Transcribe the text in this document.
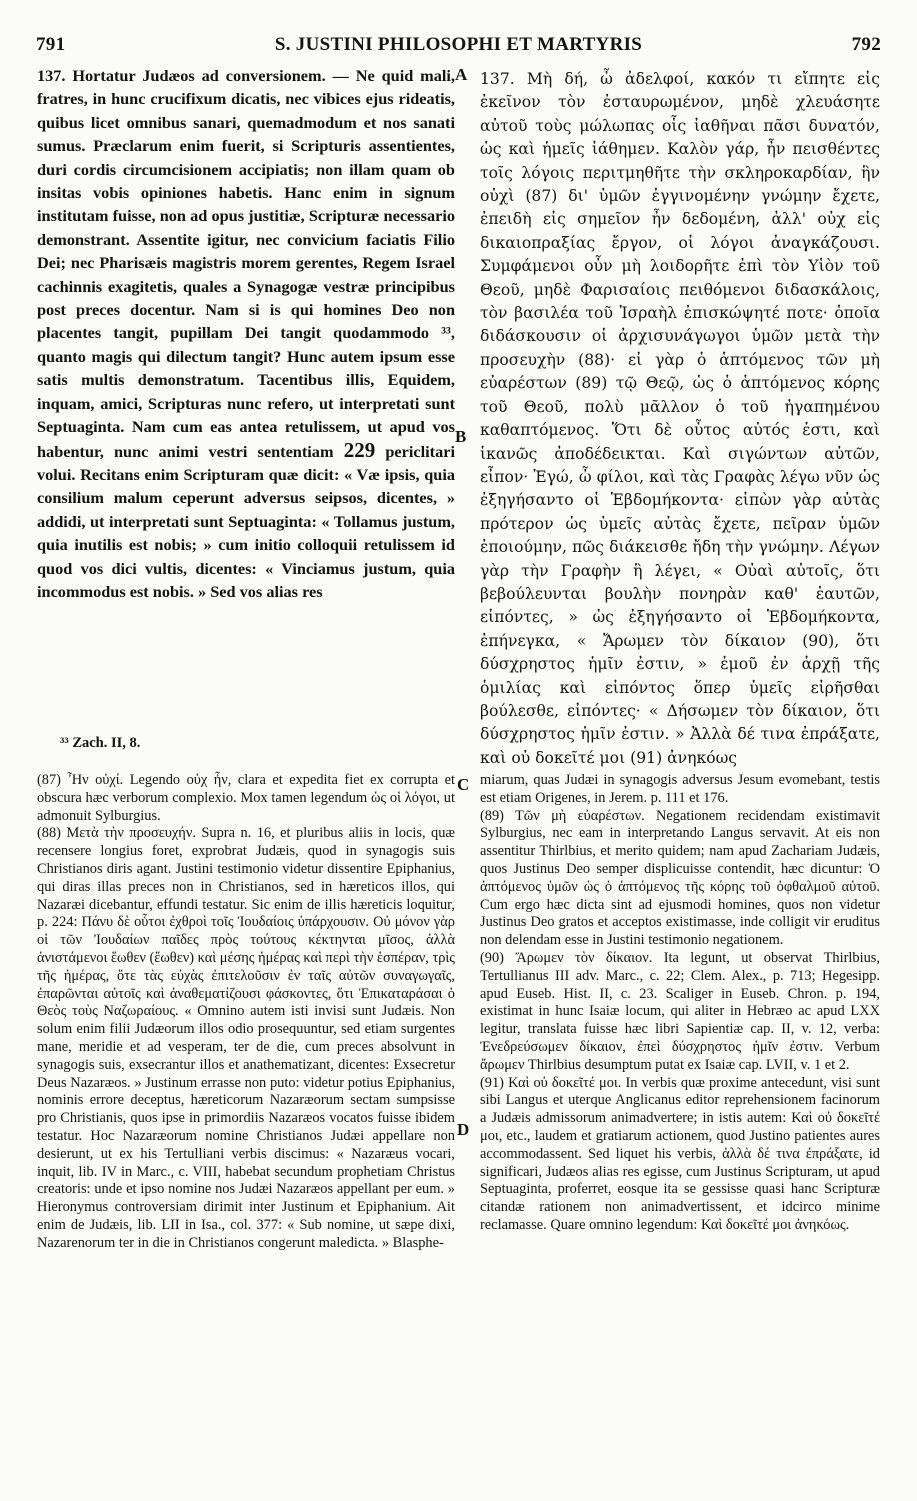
791	S. JUSTINI PHILOSOPHI ET MARTYRIS	792
A
B
C
D

137. Hortatur Judæos ad conversionem. — Ne quid mali, fratres, in hunc crucifixum dicatis, nec vibices ejus rideatis, quibus licet omnibus sanari, quemadmodum et nos sanati sumus. Præclarum enim fuerit, si Scripturis assentientes, duri cordis circumcisionem accipiatis; non illam quam ob insitas vobis opiniones habetis. Hanc enim in signum institutam fuisse, non ad opus justitiæ, Scripturæ necessario demonstrant. Assentite igitur, nec convicium faciatis Filio Dei; nec Pharisæis magistris morem gerentes, Regem Israel cachinnis exagitetis, quales a Synagogæ vestræ principibus post preces docentur. Nam si is qui homines Deo non placentes tangit, pupillam Dei tangit quodammodo ³³, quanto magis qui dilectum tangit? Hunc autem ipsum esse satis multis demonstratum. Tacentibus illis, Equidem, inquam, amici, Scripturas nunc refero, ut interpretati sunt Septuaginta. Nam cum eas antea retulissem, ut apud vos habentur, nunc animi vestri sententiam 229 periclitari volui. Recitans enim Scripturam quæ dicit: « Væ ipsis, quia consilium malum ceperunt adversus seipsos, dicentes, » addidi, ut interpretati sunt Septuaginta: « Tollamus justum, quia inutilis est nobis; » cum initio colloquii retulissem id quod vos dici vultis, dicentes: « Vinciamus justum, quia incommodus est nobis. » Sed vos alias res

137. Μὴ δή, ὦ ἀδελφοί, κακόν τι εἴπητε εἰς ἐκεῖνον τὸν ἐσταυρωμένον, μηδὲ χλευάσητε αὐτοῦ τοὺς μώλωπας οἷς ἰαθῆναι πᾶσι δυνατόν, ὡς καὶ ἡμεῖς ἰάθημεν. Καλὸν γάρ, ἦν πεισθέντες τοῖς λόγοις περιτμηθῆτε τὴν σκληροκαρδίαν, ἣν οὐχὶ (87) δι' ὑμῶν ἐγγινομένην γνώμην ἔχετε, ἐπειδὴ εἰς σημεῖον ἦν δεδομένη, ἀλλ' οὐχ εἰς δικαιοπραξίας ἔργον, οἱ λόγοι ἀναγκάζουσι. Συμφάμενοι οὖν μὴ λοιδορῆτε ἐπὶ τὸν Υἱὸν τοῦ Θεοῦ, μηδὲ Φαρισαίοις πειθόμενοι διδασκάλοις, τὸν βασιλέα τοῦ Ἰσραὴλ ἐπισκώψητέ ποτε· ὁποῖα διδάσκουσιν οἱ ἀρχισυνάγωγοι ὑμῶν μετὰ τὴν προσευχὴν (88)· εἰ γὰρ ὁ ἁπτόμενος τῶν μὴ εὐαρέστων (89) τῷ Θεῷ, ὡς ὁ ἁπτόμενος κόρης τοῦ Θεοῦ, πολὺ μᾶλλον ὁ τοῦ ἠγαπημένου καθαπτόμενος. Ὅτι δὲ οὗτος αὐτός ἐστι, καὶ ἱκανῶς ἀποδέδεικται. Καὶ σιγώντων αὐτῶν, εἶπον· Ἐγώ, ὦ φίλοι, καὶ τὰς Γραφὰς λέγω νῦν ὡς ἐξηγήσαντο οἱ Ἑβδομήκοντα· εἰπὼν γὰρ αὐτὰς πρότερον ὡς ὑμεῖς αὐτὰς ἔχετε, πεῖραν ὑμῶν ἐποιούμην, πῶς διάκεισθε ἤδη τὴν γνώμην. Λέγων γὰρ τὴν Γραφὴν ἣ λέγει, « Οὐαὶ αὐτοῖς, ὅτι βεβούλευνται βουλὴν πονηρὰν καθ' ἑαυτῶν, εἰπόντες, » ὡς ἐξηγήσαντο οἱ Ἑβδομήκοντα, ἐπήνεγκα, « Ἄρωμεν τὸν δίκαιον (90), ὅτι δύσχρηστος ἡμῖν ἐστιν, » ἐμοῦ ἐν ἀρχῇ τῆς ὁμιλίας καὶ εἰπόντος ὅπερ ὑμεῖς εἰρῆσθαι βούλεσθε, εἰπόντες· « Δήσωμεν τὸν δίκαιον, ὅτι δύσχρηστος ἡμῖν ἐστιν. » Ἀλλὰ δέ τινα ἐπράξατε, καὶ οὐ δοκεῖτέ μοι (91) ἀνηκόως

³³ Zach. II, 8.

(87) Ἦν οὐχί. Legendo οὐχ ἦν, clara et expedita fiet ex corrupta et obscura hæc verborum complexio. Mox tamen legendum ὡς οἱ λόγοι, ut admonuit Sylburgius.

(88) Μετὰ τὴν προσευχήν. Supra n. 16, et pluribus aliis in locis, quæ recensere longius foret, exprobrat Judæis, quod in synagogis suis Christianos diris agant. Justini testimonio videtur dissentire Epiphanius, qui diras illas preces non in Christianos, sed in hæreticos illos, qui Nazaræi dicebantur, effundi testatur. Sic enim de illis hæreticis loquitur, p. 224: Πάνυ δὲ οὗτοι ἐχθροὶ τοῖς Ἰουδαίοις ὑπάρχουσιν. Οὐ μόνον γὰρ οἱ τῶν Ἰουδαίων παῖδες πρὸς τούτους κέκτηνται μῖσος, ἀλλὰ ἀνιστάμενοι ἕωθεν (ἕωθεν) καὶ μέσης ἡμέρας καὶ περὶ τὴν ἑσπέραν, τρὶς τῆς ἡμέρας, ὅτε τὰς εὐχὰς ἐπιτελοῦσιν ἐν ταῖς αὐτῶν συναγωγαῖς, ἐπαρῶνται αὐτοῖς καὶ ἀναθεματίζουσι φάσκοντες, ὅτι Ἐπικαταράσαι ὁ Θεὸς τοὺς Ναζωραίους. « Omnino autem isti invisi sunt Judæis. Non solum enim filii Judæorum illos odio prosequuntur, sed etiam surgentes mane, meridie et ad vesperam, ter de die, cum preces absolvunt in synagogis suis, exsecrantur illos et anathematizant, dicentes: Exsecretur Deus Nazaræos. » Justinum errasse non puto: videtur potius Epiphanius, nominis errore deceptus, hæreticorum Nazaræorum sectam sumpsisse pro Christianis, quos ipse in primordiis Nazaræos vocatos fuisse ibidem testatur. Hoc Nazaræorum nomine Christianos Judæi appellare non desierunt, ut ex his Tertulliani verbis discimus: « Nazaræus vocari, inquit, lib. IV in Marc., c. VIII, habebat secundum prophetiam Christus creatoris: unde et ipso nomine nos Judæi Nazaræos appellant per eum. » Hieronymus controversiam dirimit inter Justinum et Epiphanium. Ait enim de Judæis, lib. LII in Isa., col. 377: « Sub nomine, ut sæpe dixi, Nazarenorum ter in die in Christianos congerunt maledicta. » Blasphe-

miarum, quas Judæi in synagogis adversus Jesum evomebant, testis est etiam Origenes, in Jerem. p. 111 et 176.

(89) Τῶν μὴ εὐαρέστων. Negationem recidendam existimavit Sylburgius, nec eam in interpretando Langus servavit. At eis non assentitur Thirlbius, et merito quidem; nam apud Zachariam Judæis, quos Justinus Deo semper displicuisse contendit, hæc dicuntur: Ὁ ἁπτόμενος ὑμῶν ὡς ὁ ἁπτόμενος τῆς κόρης τοῦ ὀφθαλμοῦ αὐτοῦ. Cum ergo hæc dicta sint ad ejusmodi homines, quos non videtur Justinus Deo gratos et acceptos existimasse, inde colligit vir eruditus non delendam esse in Justini testimonio negationem.

(90) Ἄρωμεν τὸν δίκαιον. Ita legunt, ut observat Thirlbius, Tertullianus III adv. Marc., c. 22; Clem. Alex., p. 713; Hegesipp. apud Euseb. Hist. II, c. 23. Scaliger in Euseb. Chron. p. 194, existimat in hunc Isaiæ locum, qui aliter in Hebræo ac apud LXX legitur, translata fuisse hæc libri Sapientiæ cap. II, v. 12, verba: Ἐνεδρεύσωμεν δίκαιον, ἐπεὶ δύσχρηστος ἡμῖν ἐστιν. Verbum ἄρωμεν Thirlbius desumptum putat ex Isaiæ cap. LVII, v. 1 et 2.

(91) Καὶ οὐ δοκεῖτέ μοι. In verbis quæ proxime antecedunt, visi sunt sibi Langus et uterque Anglicanus editor reprehensionem facinorum a Judæis admissorum animadvertere; in istis autem: Καὶ οὐ δοκεῖτέ μοι, etc., laudem et gratiarum actionem, quod Justino patientes aures accommodassent. Sed liquet his verbis, ἀλλὰ δέ τινα ἐπράξατε, id significari, Judæos alias res egisse, cum Justinus Scripturam, ut apud Septuaginta, proferret, eosque ita se gessisse quasi hanc Scripturæ citandæ rationem non animadvertissent, et idcirco minime reclamasse. Quare omnino legendum: Καὶ δοκεῖτέ μοι ἀνηκόως.
